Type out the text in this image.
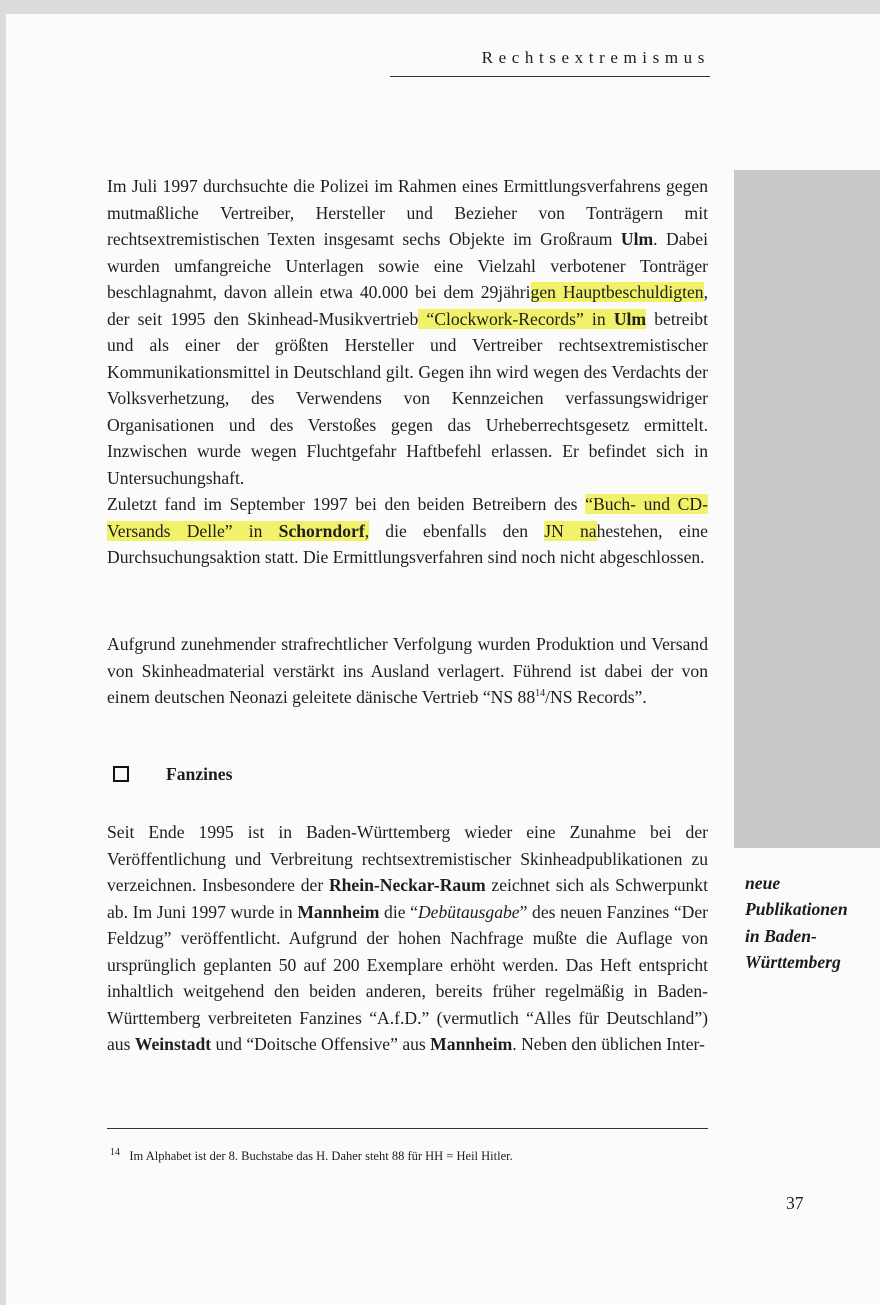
Rechtsextremismus

Im Juli 1997 durchsuchte die Polizei im Rahmen eines Ermittlungsverfahrens gegen mutmaßliche Vertreiber, Hersteller und Bezieher von Tonträgern mit rechtsextremistischen Texten insgesamt sechs Objekte im Großraum Ulm. Dabei wurden umfangreiche Unterlagen sowie eine Vielzahl verbotener Tonträger beschlagnahmt, davon allein etwa 40.000 bei dem 29jährigen Hauptbeschuldigten, der seit 1995 den Skinhead-Musikvertrieb “Clockwork-Records” in Ulm betreibt und als einer der größten Hersteller und Vertreiber rechtsextremistischer Kommunikationsmittel in Deutschland gilt. Gegen ihn wird wegen des Verdachts der Volksverhetzung, des Verwendens von Kennzeichen verfassungswidriger Organisationen und des Verstoßes gegen das Urheberrechtsgesetz ermittelt. Inzwischen wurde wegen Fluchtgefahr Haftbefehl erlassen. Er befindet sich in Untersuchungshaft.
Zuletzt fand im September 1997 bei den beiden Betreibern des “Buch- und CD-Versands Delle” in Schorndorf, die ebenfalls den JN nahestehen, eine Durchsuchungsaktion statt. Die Ermittlungsverfahren sind noch nicht abgeschlossen.

Aufgrund zunehmender strafrechtlicher Verfolgung wurden Produktion und Versand von Skinheadmaterial verstärkt ins Ausland verlagert. Führend ist dabei der von einem deutschen Neonazi geleitete dänische Vertrieb “NS $88^{14}/NS$ Records”.

Fanzines

Seit Ende 1995 ist in Baden-Württemberg wieder eine Zunahme bei der Veröffentlichung und Verbreitung rechtsextremistischer Skinheadpublikationen zu verzeichnen. Insbesondere der Rhein-Neckar-Raum zeichnet sich als Schwerpunkt ab. Im Juni 1997 wurde in Mannheim die “Debütausgabe” des neuen Fanzines “Der Feldzug” veröffentlicht. Aufgrund der hohen Nachfrage mußte die Auflage von ursprünglich geplanten 50 auf 200 Exemplare erhöht werden. Das Heft entspricht inhaltlich weitgehend den beiden anderen, bereits früher regelmäßig in Baden-Württemberg verbreiteten Fanzines “A.f.D.” (vermutlich “Alles für Deutschland”) aus Weinstadt und “Doitsche Offensive” aus Mannheim. Neben den üblichen Inter-

neue Publikationen in Baden-Württemberg

$^{14}$ Im Alphabet ist der 8. Buchstabe das H. Daher steht 88 für HH = Heil Hitler.

37
